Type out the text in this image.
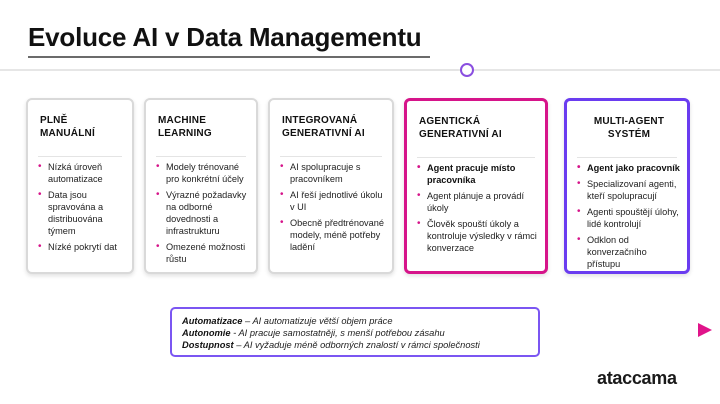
Evoluce AI v Data Managementu
PLNĚ MANUÁLNÍ
• Nízká úroveň automatizace
• Data jsou spravována a distribuována týmem
• Nízké pokrytí dat
MACHINE LEARNING
• Modely trénované pro konkrétní účely
• Výrazné požadavky na odborné dovednosti a infrastrukturu
• Omezené možnosti růstu
INTEGROVANÁ GENERATIVNÍ AI
• AI spolupracuje s pracovníkem
• AI řeší jednotlivé úkolu v UI
• Obecně předtrénované modely, méně potřeby ladění
AGENTICKÁ GENERATIVNÍ AI
• Agent pracuje místo pracovníka
• Agent plánuje a provádí úkoly
• Člověk spouští úkoly a kontroluje výsledky v rámci konverzace
MULTI-AGENT SYSTÉM
• Agent jako pracovník
• Specializovaní agenti, kteří spolupracují
• Agenti spouštějí úlohy, lidé kontrolují
• Odklon od konverzačního přístupu
Automatizace – AI automatizuje větší objem práce
Autonomie - AI pracuje samostatněji, s menší potřebou zásahu
Dostupnost – AI vyžaduje méně odborných znalostí v rámci společnosti
ataccama
